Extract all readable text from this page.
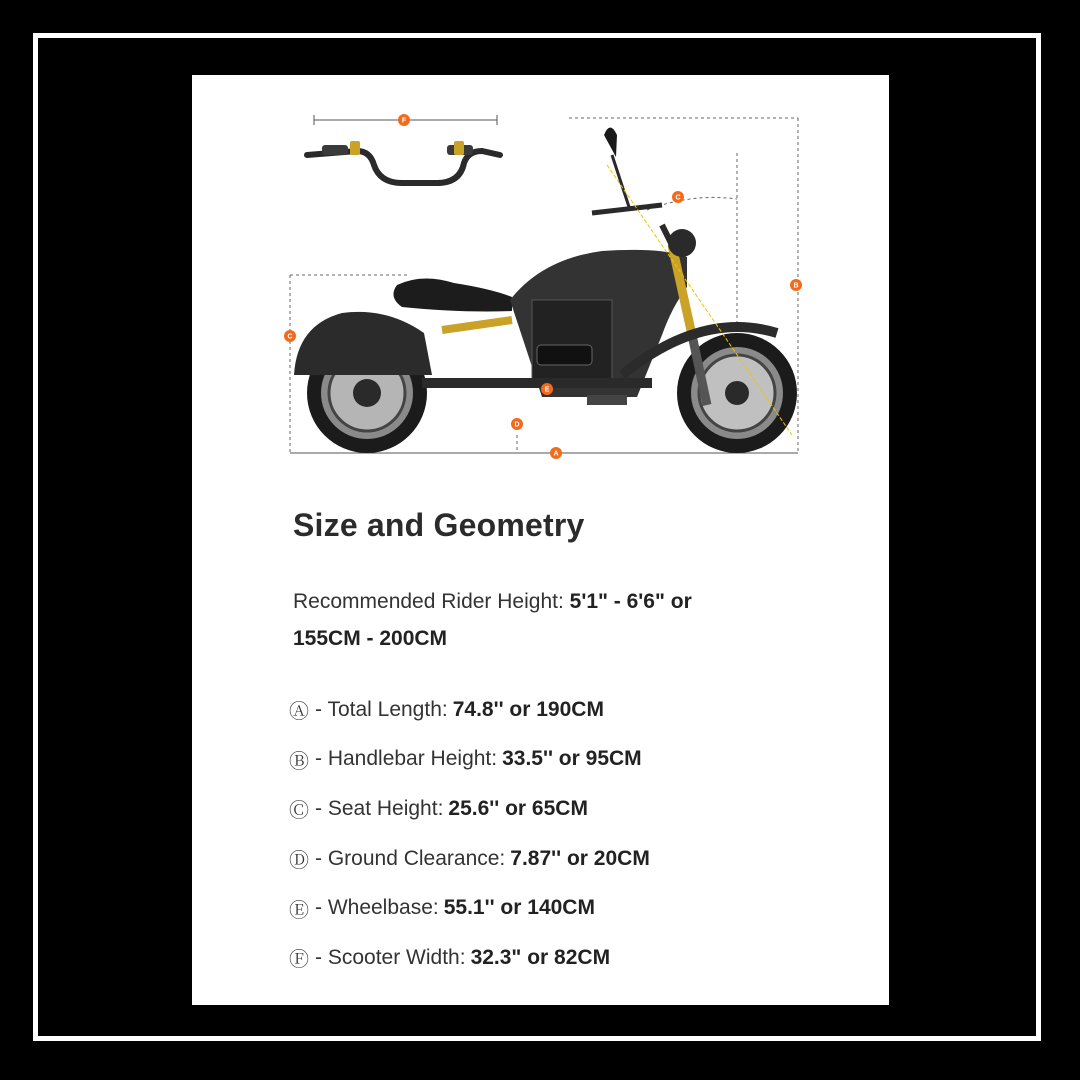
F
C
B
C
E
D
A
Size and Geometry
Recommended Rider Height: 5'1" - 6'6" or
155CM - 200CM
Ⓐ - Total Length: 74.8'' or 190CM
Ⓑ - Handlebar Height: 33.5'' or 95CM
Ⓒ - Seat Height: 25.6'' or 65CM
Ⓓ - Ground Clearance: 7.87'' or 20CM
Ⓔ - Wheelbase: 55.1'' or 140CM
Ⓕ - Scooter Width: 32.3" or 82CM
